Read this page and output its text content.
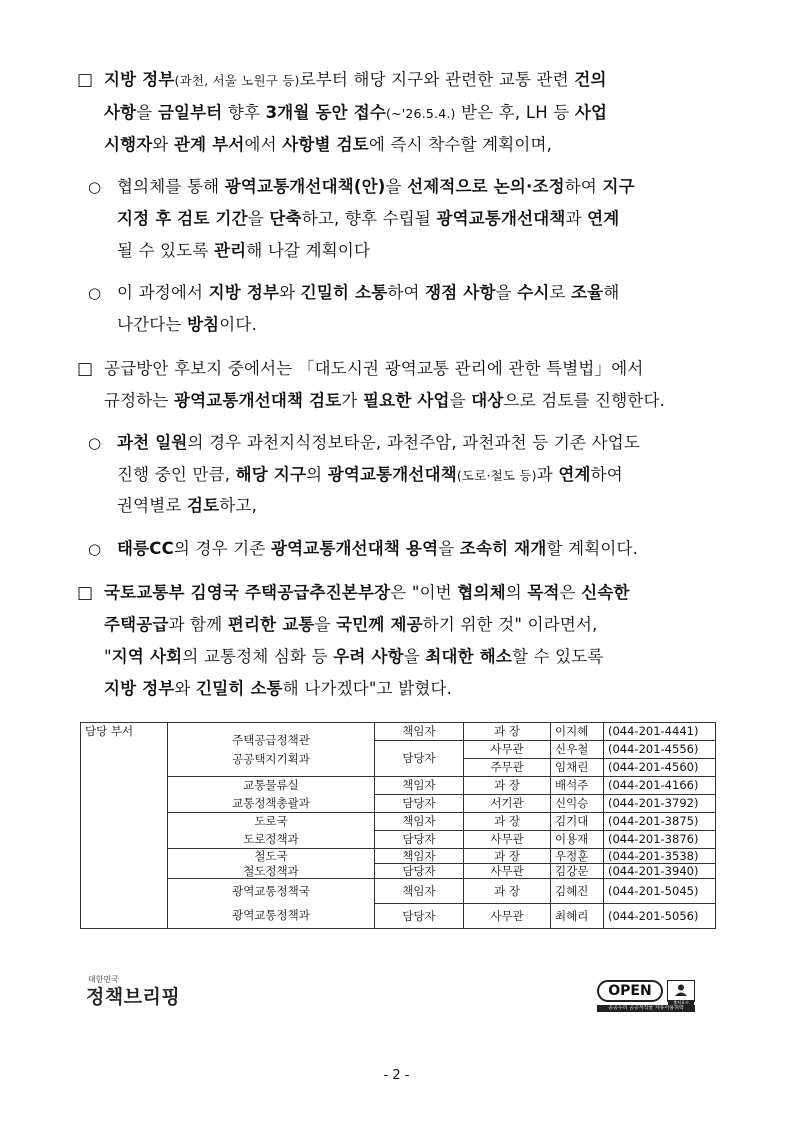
□ 지방 정부(과천, 서울 노원구 등)로부터 해당 지구와 관련한 교통 관련 건의
사항을 금일부터 향후 3개월 동안 접수(~'26.5.4.) 받은 후, LH 등 사업
시행자와 관계 부서에서 사항별 검토에 즉시 착수할 계획이며,
○ 협의체를 통해 광역교통개선대책(안)을 선제적으로 논의·조정하여 지구
지정 후 검토 기간을 단축하고, 향후 수립될 광역교통개선대책과 연계
될 수 있도록 관리해 나갈 계획이다
○ 이 과정에서 지방 정부와 긴밀히 소통하여 쟁점 사항을 수시로 조율해
나간다는 방침이다.
□ 공급방안 후보지 중에서는 「대도시권 광역교통 관리에 관한 특별법」에서
규정하는 광역교통개선대책 검토가 필요한 사업을 대상으로 검토를 진행한다.
○ 과천 일원의 경우 과천지식정보타운, 과천주암, 과천과천 등 기존 사업도
진행 중인 만큼, 해당 지구의 광역교통개선대책(도로·철도 등)과 연계하여
권역별로 검토하고,
○ 태릉CC의 경우 기존 광역교통개선대책 용역을 조속히 재개할 계획이다.
□ 국토교통부 김영국 주택공급추진본부장은 "이번 협의체의 목적은 신속한
주택공급과 함께 편리한 교통을 국민께 제공하기 위한 것" 이라면서,
"지역 사회의 교통정체 심화 등 우려 사항을 최대한 해소할 수 있도록
지방 정부와 긴밀히 소통해 나가겠다"고 밝혔다.
담당 부서	주택공급정책관
공공택지기획과	책임자	과 장	이지혜	(044-201-4441)
		담당자	사무관	신우철	(044-201-4556)
			주무관	임채린	(044-201-4560)
	교통물류실	책임자	과 장	배석주	(044-201-4166)
	교통정책총괄과	담당자	서기관	신익승	(044-201-3792)
	도로국	책임자	과 장	김기대	(044-201-3875)
	도로정책과	담당자	사무관	이용재	(044-201-3876)
	철도국	책임자	과 장	우정훈	(044-201-3538)
	철도정책과	담당자	사무관	김강문	(044-201-3940)
	광역교통정책국	책임자	과 장	김혜진	(044-201-5045)
	광역교통정책과	담당자	사무관	최혜리	(044-201-5056)
대한민국
정책브리핑	OPEN
출처표시
공공누리 공공저작물 자유이용허락
- 2 -
